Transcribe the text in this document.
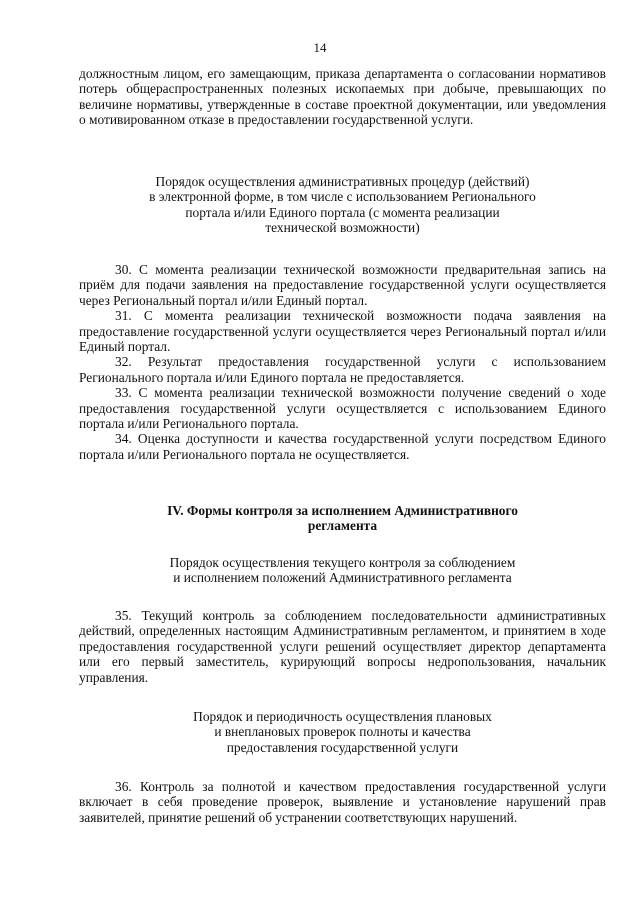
14

должностным лицом, его замещающим, приказа департамента о согласовании нормативов потерь общераспространенных полезных ископаемых при добыче, превышающих по величине нормативы, утвержденные в составе проектной документации, или уведомления о мотивированном отказе в предоставлении государственной услуги.

Порядок осуществления административных процедур (действий)

в электронной форме, в том числе с использованием Регионального

портала и/или Единого портала (с момента реализации

технической возможности)

30. С момента реализации технической возможности предварительная запись на приём для подачи заявления на предоставление государственной услуги осуществляется через Региональный портал и/или Единый портал.

31. С момента реализации технической возможности подача заявления на предоставление государственной услуги осуществляется через Региональный портал и/или Единый портал.

32. Результат предоставления государственной услуги с использованием Регионального портала и/или Единого портала не предоставляется.

33. С момента реализации технической возможности получение сведений о ходе предоставления государственной услуги осуществляется с использованием Единого портала и/или Регионального портала.

34. Оценка доступности и качества государственной услуги посредством Единого портала и/или Регионального портала не осуществляется.

IV. Формы контроля за исполнением Административного

регламента

Порядок осуществления текущего контроля за соблюдением

и исполнением положений Административного регламента

35. Текущий контроль за соблюдением последовательности административных действий, определенных настоящим Административным регламентом, и принятием в ходе предоставления государственной услуги решений осуществляет директор департамента или его первый заместитель, курирующий вопросы недропользования, начальник управления.

Порядок и периодичность осуществления плановых

и внеплановых проверок полноты и качества

предоставления государственной услуги

36. Контроль за полнотой и качеством предоставления государственной услуги включает в себя проведение проверок, выявление и установление нарушений прав заявителей, принятие решений об устранении соответствующих нарушений.
